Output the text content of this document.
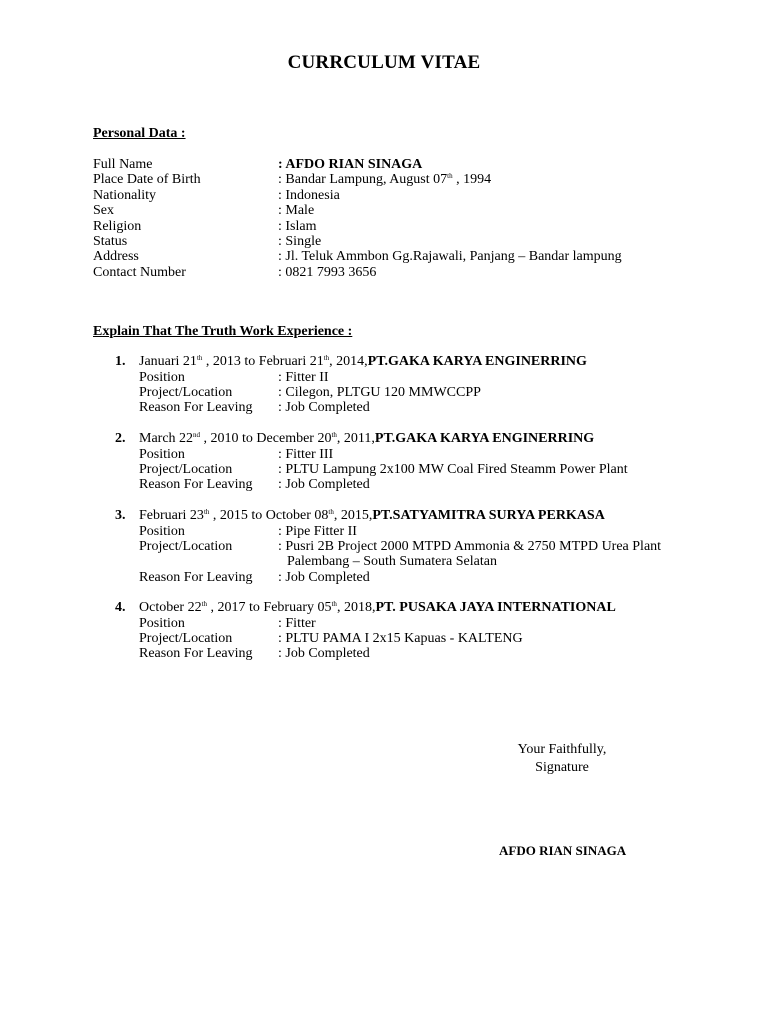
CURRCULUM VITAE
Personal Data :
Full Name	: AFDO RIAN SINAGA
Place Date of Birth	: Bandar Lampung, August 07th , 1994
Nationality	: Indonesia
Sex	: Male
Religion	: Islam
Status	: Single
Address	: Jl. Teluk Ammbon Gg.Rajawali, Panjang – Bandar lampung
Contact Number	: 0821 7993 3656
Explain That The Truth Work Experience :
1. Januari 21th , 2013 to Februari 21th, 2014, PT.GAKA KARYA ENGINERRING
Position	: Fitter II
Project/Location	: Cilegon, PLTGU 120 MMWCCPP
Reason For Leaving	: Job Completed
2. March 22nd , 2010 to December 20th, 2011, PT.GAKA KARYA ENGINERRING
Position	: Fitter III
Project/Location	: PLTU Lampung 2x100 MW Coal Fired Steamm Power Plant
Reason For Leaving	: Job Completed
3. Februari 23th , 2015 to October 08th, 2015, PT.SATYAMITRA SURYA PERKASA
Position	: Pipe Fitter II
Project/Location	: Pusri 2B Project 2000 MTPD Ammonia & 2750 MTPD Urea Plant
Palembang – South Sumatera Selatan
Reason For Leaving	: Job Completed
4. October 22th , 2017 to February 05th, 2018, PT. PUSAKA JAYA INTERNATIONAL
Position	: Fitter
Project/Location	: PLTU PAMA I 2x15 Kapuas - KALTENG
Reason For Leaving	: Job Completed
Your Faithfully,
Signature
AFDO RIAN SINAGA
